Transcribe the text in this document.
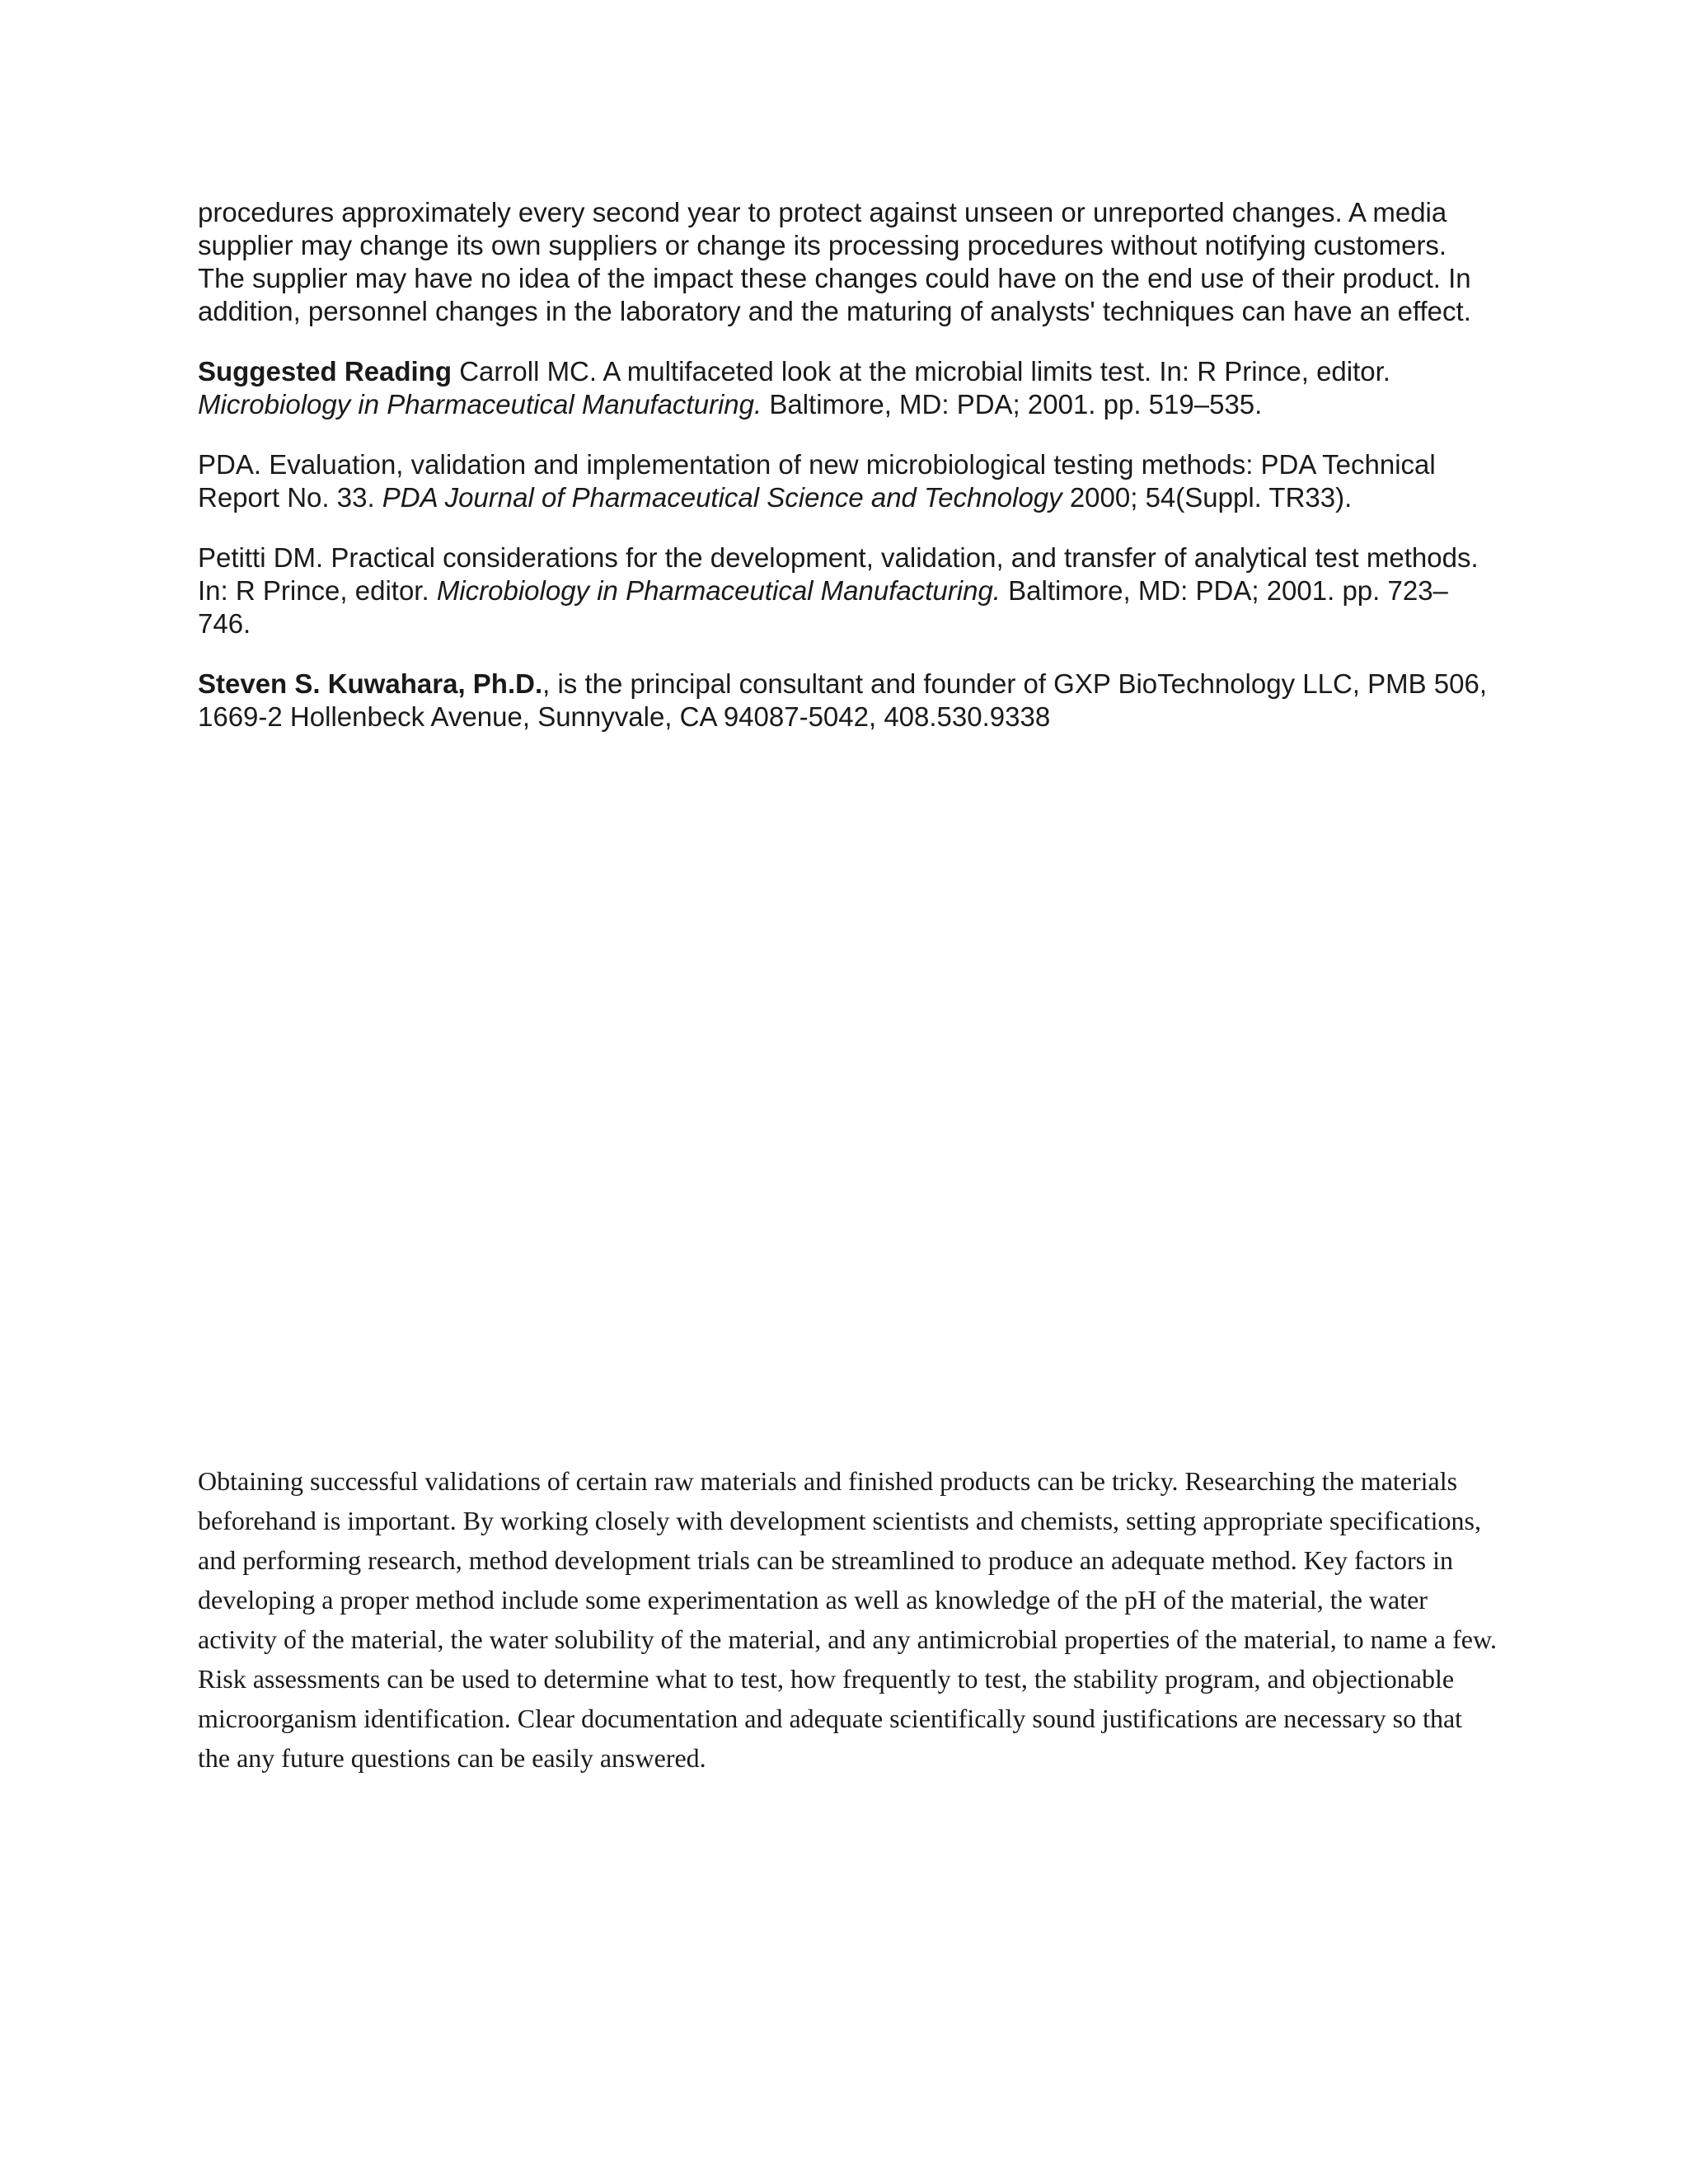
procedures approximately every second year to protect against unseen or unreported changes. A media supplier may change its own suppliers or change its processing procedures without notifying customers. The supplier may have no idea of the impact these changes could have on the end use of their product. In addition, personnel changes in the laboratory and the maturing of analysts' techniques can have an effect.

Suggested Reading Carroll MC. A multifaceted look at the microbial limits test. In: R Prince, editor. Microbiology in Pharmaceutical Manufacturing. Baltimore, MD: PDA; 2001. pp. 519–535.

PDA. Evaluation, validation and implementation of new microbiological testing methods: PDA Technical Report No. 33. PDA Journal of Pharmaceutical Science and Technology 2000; 54(Suppl. TR33).

Petitti DM. Practical considerations for the development, validation, and transfer of analytical test methods. In: R Prince, editor. Microbiology in Pharmaceutical Manufacturing. Baltimore, MD: PDA; 2001. pp. 723–746.

Steven S. Kuwahara, Ph.D., is the principal consultant and founder of GXP BioTechnology LLC, PMB 506, 1669-2 Hollenbeck Avenue, Sunnyvale, CA 94087-5042, 408.530.9338

Obtaining successful validations of certain raw materials and finished products can be tricky. Researching the materials beforehand is important. By working closely with development scientists and chemists, setting appropriate specifications, and performing research, method development trials can be streamlined to produce an adequate method. Key factors in developing a proper method include some experimentation as well as knowledge of the pH of the material, the water activity of the material, the water solubility of the material, and any antimicrobial properties of the material, to name a few. Risk assessments can be used to determine what to test, how frequently to test, the stability program, and objectionable microorganism identification. Clear documentation and adequate scientifically sound justifications are necessary so that the any future questions can be easily answered.
